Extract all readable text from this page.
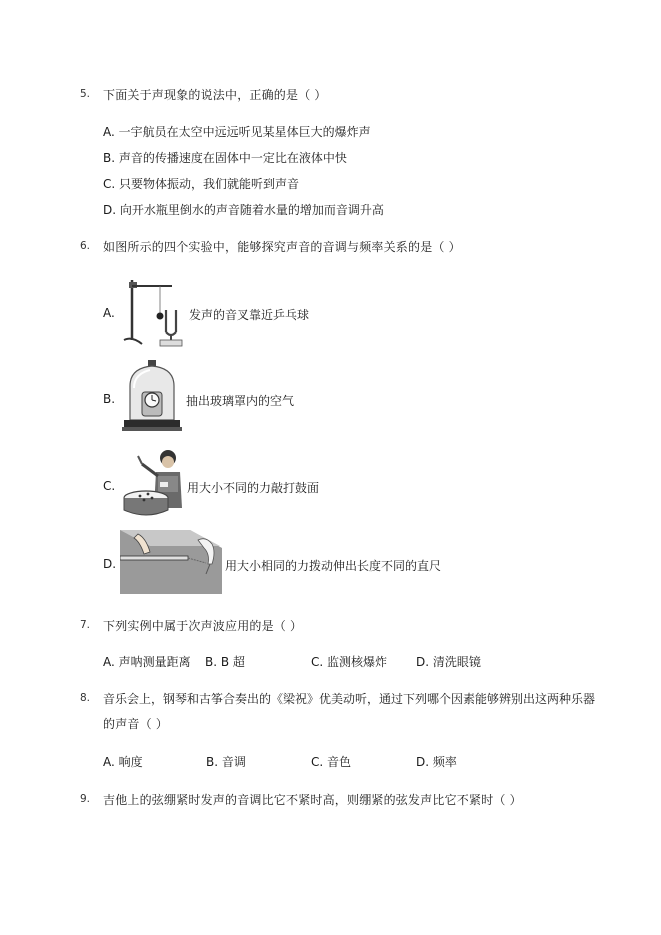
5. 下面关于声现象的说法中，正确的是（ ）
A. 一宇航员在太空中远远听见某星体巨大的爆炸声
B. 声音的传播速度在固体中一定比在液体中快
C. 只要物体振动，我们就能听到声音
D. 向开水瓶里倒水的声音随着水量的增加而音调升高
6. 如图所示的四个实验中，能够探究声音的音调与频率关系的是（ ）
A.	发声的音叉靠近乒乓球
B.	抽出玻璃罩内的空气
C.	用大小不同的力敲打鼓面
D.	用大小相同的力拨动伸出长度不同的直尺
7. 下列实例中属于次声波应用的是（ ）
A. 声呐测量距离 B. B 超	C. 监测核爆炸 D. 清洗眼镜
8. 音乐会上，钢琴和古筝合奏出的《梁祝》优美动听，通过下列哪个因素能够辨别出这两种乐器
的声音（ ）
A. 响度	B. 音调	C. 音色	D. 频率
9. 吉他上的弦绷紧时发声的音调比它不紧时高，则绷紧的弦发声比它不紧时（ ）
